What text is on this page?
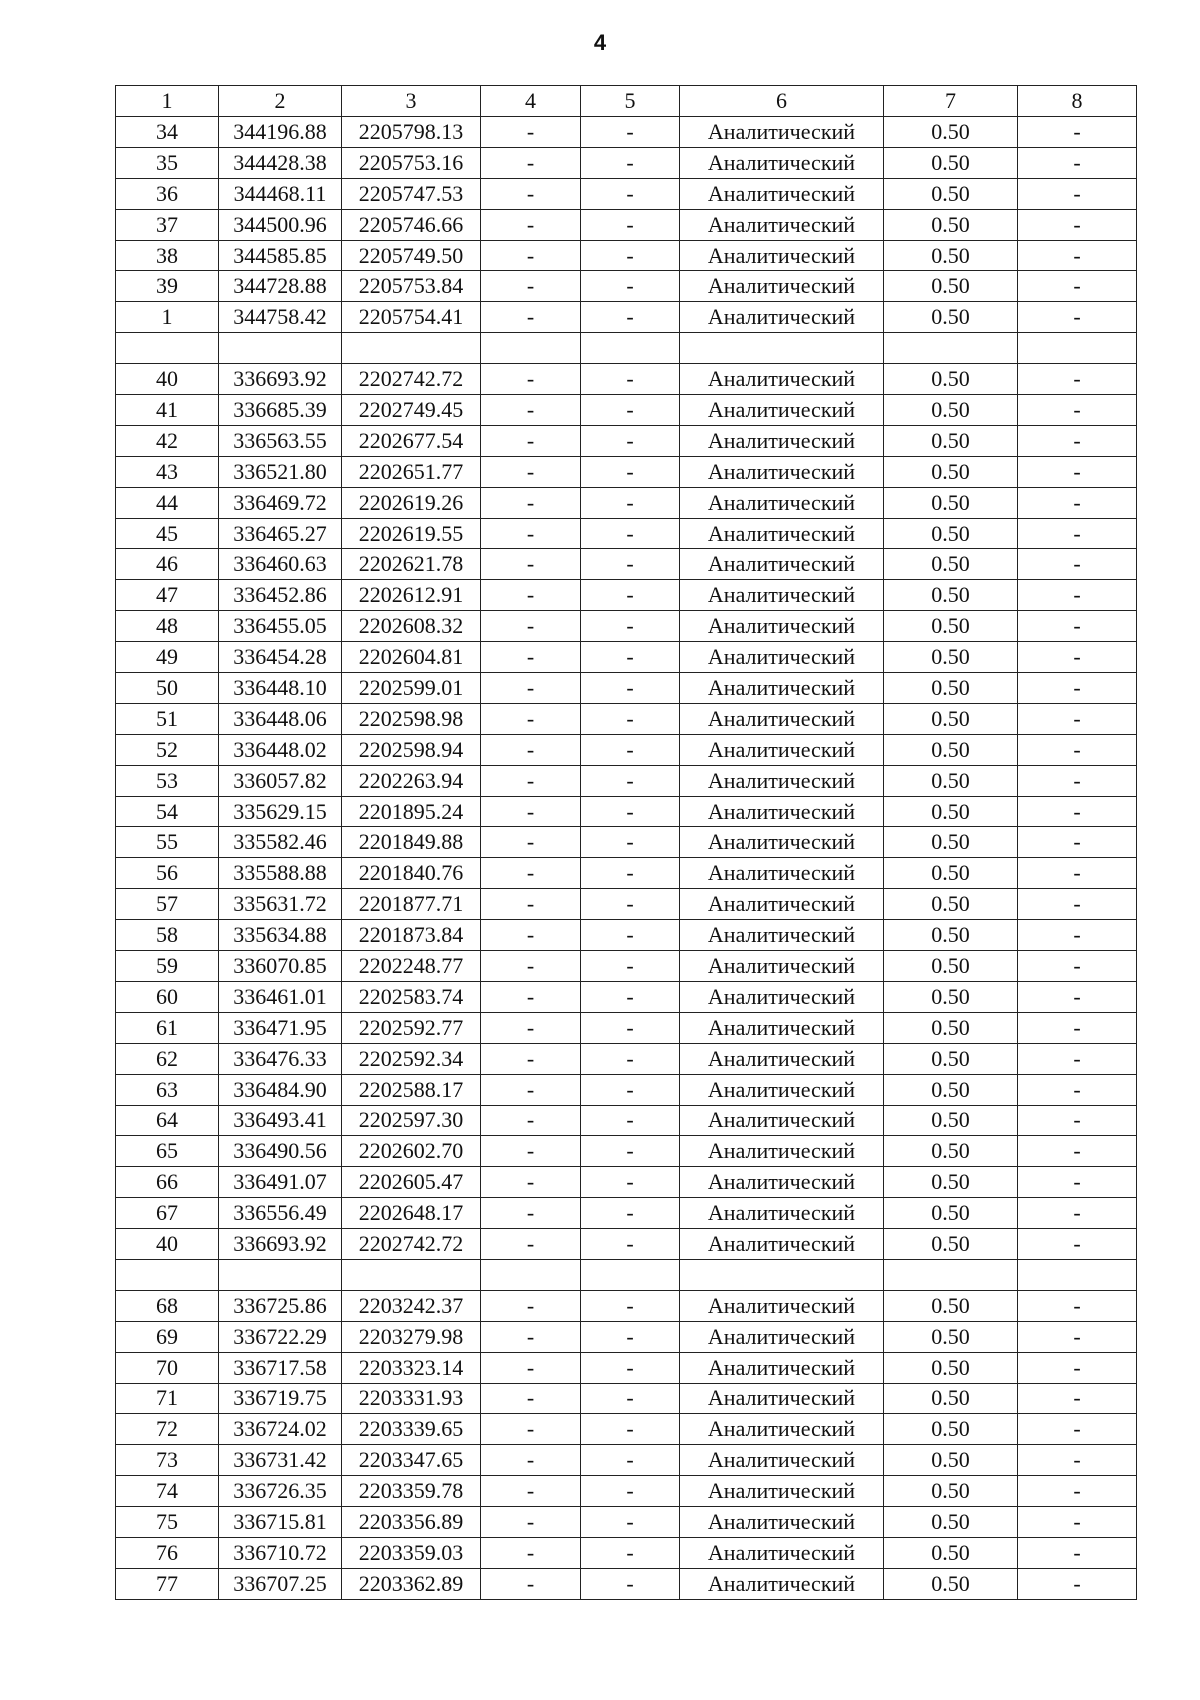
4
1	2	3	4	5	6	7	8
34	344196.88	2205798.13	-	-	Аналитический	0.50	-
35	344428.38	2205753.16	-	-	Аналитический	0.50	-
36	344468.11	2205747.53	-	-	Аналитический	0.50	-
37	344500.96	2205746.66	-	-	Аналитический	0.50	-
38	344585.85	2205749.50	-	-	Аналитический	0.50	-
39	344728.88	2205753.84	-	-	Аналитический	0.50	-
1	344758.42	2205754.41	-	-	Аналитический	0.50	-

40	336693.92	2202742.72	-	-	Аналитический	0.50	-
41	336685.39	2202749.45	-	-	Аналитический	0.50	-
42	336563.55	2202677.54	-	-	Аналитический	0.50	-
43	336521.80	2202651.77	-	-	Аналитический	0.50	-
44	336469.72	2202619.26	-	-	Аналитический	0.50	-
45	336465.27	2202619.55	-	-	Аналитический	0.50	-
46	336460.63	2202621.78	-	-	Аналитический	0.50	-
47	336452.86	2202612.91	-	-	Аналитический	0.50	-
48	336455.05	2202608.32	-	-	Аналитический	0.50	-
49	336454.28	2202604.81	-	-	Аналитический	0.50	-
50	336448.10	2202599.01	-	-	Аналитический	0.50	-
51	336448.06	2202598.98	-	-	Аналитический	0.50	-
52	336448.02	2202598.94	-	-	Аналитический	0.50	-
53	336057.82	2202263.94	-	-	Аналитический	0.50	-
54	335629.15	2201895.24	-	-	Аналитический	0.50	-
55	335582.46	2201849.88	-	-	Аналитический	0.50	-
56	335588.88	2201840.76	-	-	Аналитический	0.50	-
57	335631.72	2201877.71	-	-	Аналитический	0.50	-
58	335634.88	2201873.84	-	-	Аналитический	0.50	-
59	336070.85	2202248.77	-	-	Аналитический	0.50	-
60	336461.01	2202583.74	-	-	Аналитический	0.50	-
61	336471.95	2202592.77	-	-	Аналитический	0.50	-
62	336476.33	2202592.34	-	-	Аналитический	0.50	-
63	336484.90	2202588.17	-	-	Аналитический	0.50	-
64	336493.41	2202597.30	-	-	Аналитический	0.50	-
65	336490.56	2202602.70	-	-	Аналитический	0.50	-
66	336491.07	2202605.47	-	-	Аналитический	0.50	-
67	336556.49	2202648.17	-	-	Аналитический	0.50	-
40	336693.92	2202742.72	-	-	Аналитический	0.50	-

68	336725.86	2203242.37	-	-	Аналитический	0.50	-
69	336722.29	2203279.98	-	-	Аналитический	0.50	-
70	336717.58	2203323.14	-	-	Аналитический	0.50	-
71	336719.75	2203331.93	-	-	Аналитический	0.50	-
72	336724.02	2203339.65	-	-	Аналитический	0.50	-
73	336731.42	2203347.65	-	-	Аналитический	0.50	-
74	336726.35	2203359.78	-	-	Аналитический	0.50	-
75	336715.81	2203356.89	-	-	Аналитический	0.50	-
76	336710.72	2203359.03	-	-	Аналитический	0.50	-
77	336707.25	2203362.89	-	-	Аналитический	0.50	-
